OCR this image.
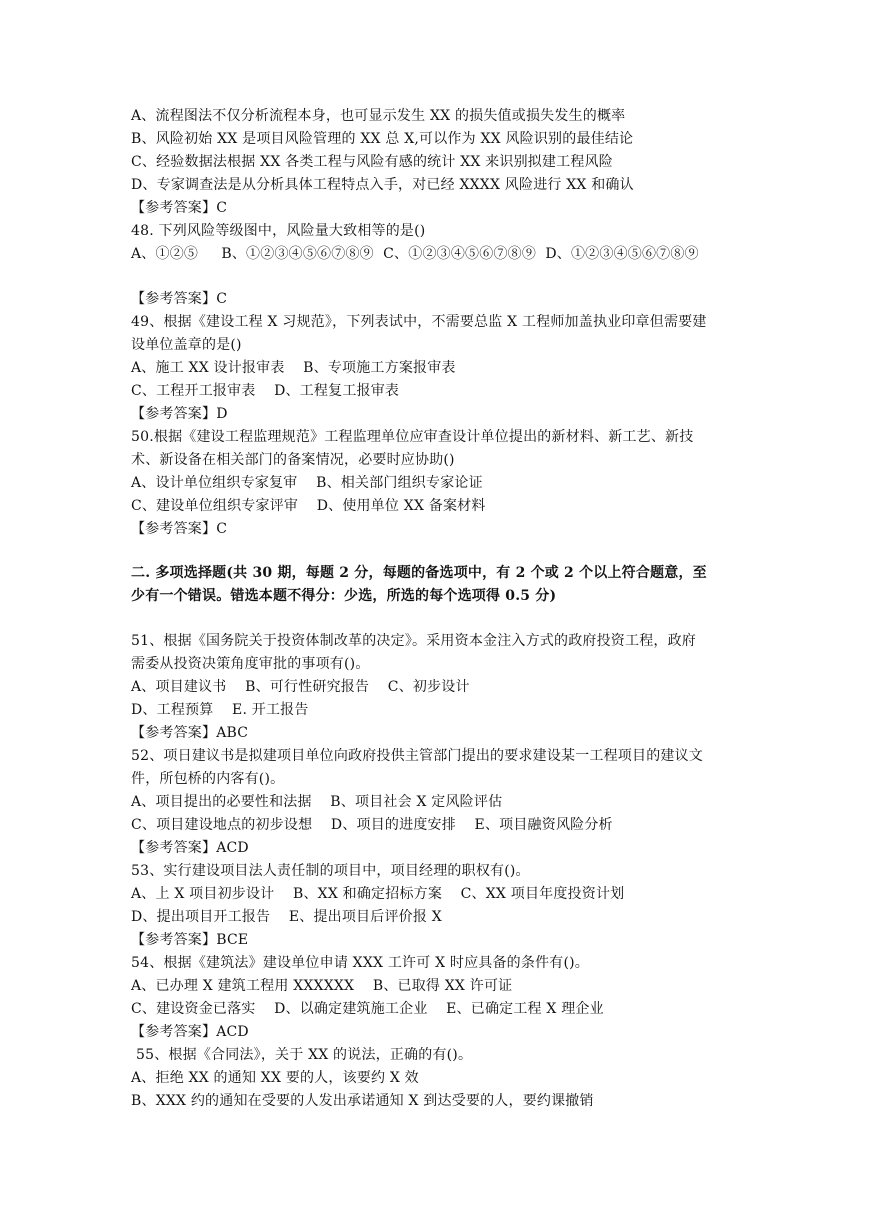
A、流程图法不仅分析流程本身，也可显示发生 XX 的损失值或损失发生的概率
B、风险初始 XX 是项目风险管理的 XX 总 X,可以作为 XX 风险识别的最佳结论
C、经验数据法根据 XX 各类工程与风险有感的统计 XX 来识别拟建工程风险
D、专家调查法是从分析具体工程特点入手，对已经 XXXX 风险进行 XX 和确认
【参考答案】C
48. 下列风险等级图中，风险量大致相等的是()
A、①②⑤     B、①②③④⑤⑥⑦⑧⑨  C、①②③④⑤⑥⑦⑧⑨  D、①②③④⑤⑥⑦⑧⑨
【参考答案】C
49、根据《建设工程 X 习规范》，下列表试中，不需要总监 X 工程师加盖执业印章但需要建
设单位盖章的是()
A、施工 XX 设计报审表    B、专项施工方案报审表
C、工程开工报审表    D、工程复工报审表
【参考答案】D
50.根据《建设工程监理规范》工程监理单位应审查设计单位提出的新材料、新工艺、新技
术、新设备在相关部门的备案情况，必要时应协助()
A、设计单位组织专家复审    B、相关部门组织专家论证
C、建设单位组织专家评审    D、使用单位 XX 备案材料
【参考答案】C
二. 多项选择题(共 30 期，每题 2 分，每题的备选项中，有 2 个或 2 个以上符合题意，至
少有一个错误。错选本题不得分：少选，所选的每个选项得 0.5 分)
51、根据《国务院关于投资体制改革的决定》。采用资本金注入方式的政府投资工程，政府
需委从投资决策角度审批的事项有()。
A、项目建议书    B、可行性研究报告    C、初步设计
D、工程预算    E. 开工报告
【参考答案】ABC
52、项日建议书是拟建项目单位向政府投供主管部门提出的要求建设某一工程项目的建议文
件，所包桥的内客有()。
A、项目提出的必要性和法据    B、项目社会 X 定风险评估
C、项目建设地点的初步设想    D、项目的进度安排    E、项目融资风险分析
【参考答案】ACD
53、实行建设项目法人责任制的项目中，项目经理的职权有()。
A、上 X 项目初步设计    B、XX 和确定招标方案    C、XX 项目年度投资计划
D、提出项目开工报告    E、提出项目后评价报 X
【参考答案】BCE
54、根据《建筑法》建设单位申请 XXX 工许可 X 时应具备的条件有()。
A、已办理 X 建筑工程用 XXXXXX    B、已取得 XX 许可证
C、建设资金已落实    D、以确定建筑施工企业    E、已确定工程 X 理企业
【参考答案】ACD
55、根据《合同法》，关于 XX 的说法，正确的有()。
A、拒绝 XX 的通知 XX 要的人，该要约 X 效
B、XXX 约的通知在受要的人发出承诺通知 X 到达受要的人，要约课撤销
